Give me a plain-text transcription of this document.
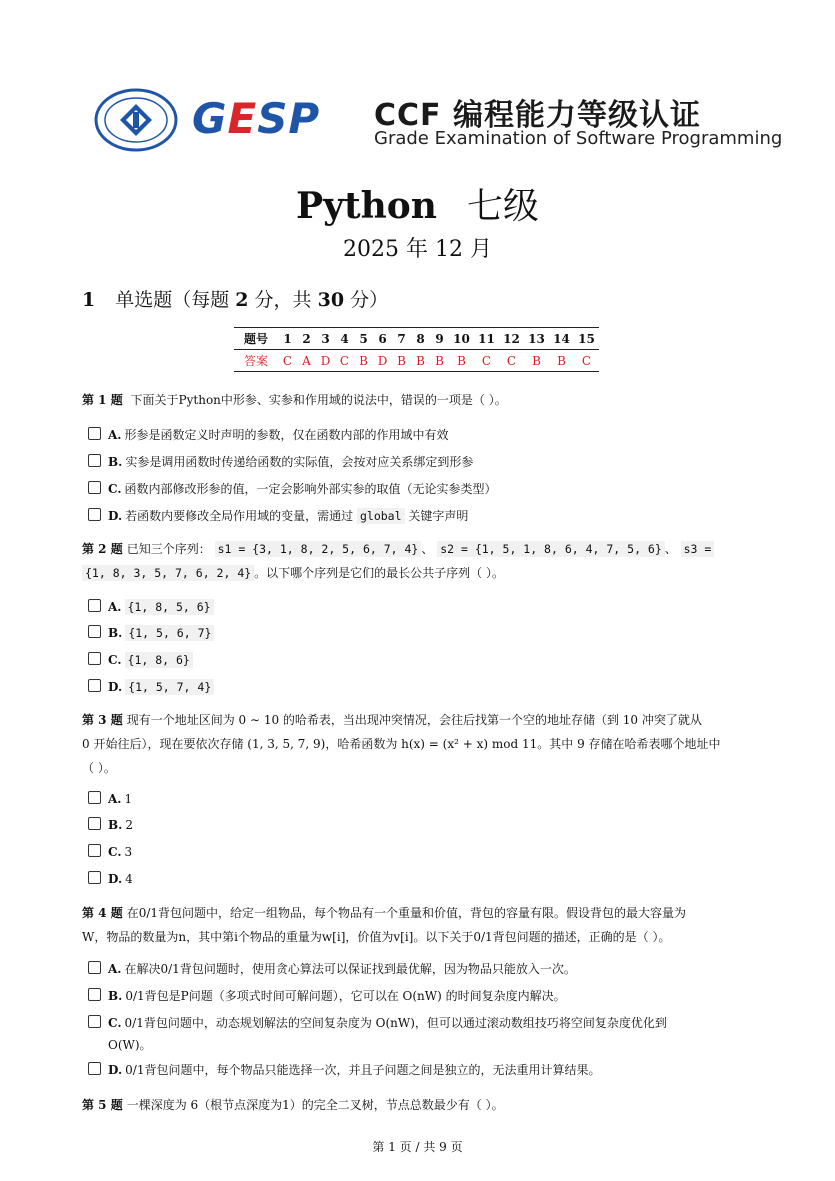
GESP CCF 编程能力等级认证
Grade Examination of Software Programming
Python 七级
2025 年 12 月
1 单选题（每题 2 分，共 30 分）
题号	1	2	3	4	5	6	7	8	9	10	11	12	13	14	15
答案	C	A	D	C	B	D	B	B	B	B	C	C	B	B	C
第 1 题 下面关于Python中形参、实参和作用域的说法中，错误的一项是（ ）。
A. 形参是函数定义时声明的参数，仅在函数内部的作用域中有效
B. 实参是调用函数时传递给函数的实际值，会按对应关系绑定到形参
C. 函数内部修改形参的值，一定会影响外部实参的取值（无论实参类型）
D. 若函数内要修改全局作用域的变量，需通过 global 关键字声明
第 2 题 已知三个序列： s1 = {3, 1, 8, 2, 5, 6, 7, 4} 、 s2 = {1, 5, 1, 8, 6, 4, 7, 5, 6} 、 s3 =
{1, 8, 3, 5, 7, 6, 2, 4} 。以下哪个序列是它们的最长公共子序列（ ）。
A. {1, 8, 5, 6}
B. {1, 5, 6, 7}
C. {1, 8, 6}
D. {1, 5, 7, 4}
第 3 题 现有一个地址区间为 0 ∼ 10 的哈希表，当出现冲突情况，会往后找第一个空的地址存储（到 10 冲突了就从
0 开始往后），现在要依次存储 (1, 3, 5, 7, 9)，哈希函数为 h(x) = (x² + x) mod 11。其中 9 存储在哈希表哪个地址中
（ ）。
A. 1
B. 2
C. 3
D. 4
第 4 题 在0/1背包问题中，给定一组物品，每个物品有一个重量和价值，背包的容量有限。假设背包的最大容量为
W，物品的数量为n，其中第i个物品的重量为w[i]，价值为v[i]。以下关于0/1背包问题的描述，正确的是（ ）。
A. 在解决0/1背包问题时，使用贪心算法可以保证找到最优解，因为物品只能放入一次。
B. 0/1背包是P问题（多项式时间可解问题），它可以在 O(nW) 的时间复杂度内解决。
C. 0/1背包问题中，动态规划解法的空间复杂度为 O(nW)，但可以通过滚动数组技巧将空间复杂度优化到
O(W)。
D. 0/1背包问题中，每个物品只能选择一次，并且子问题之间是独立的，无法重用计算结果。
第 5 题 一棵深度为 6（根节点深度为1）的完全二叉树，节点总数最少有（ ）。
第 1 页 / 共 9 页
